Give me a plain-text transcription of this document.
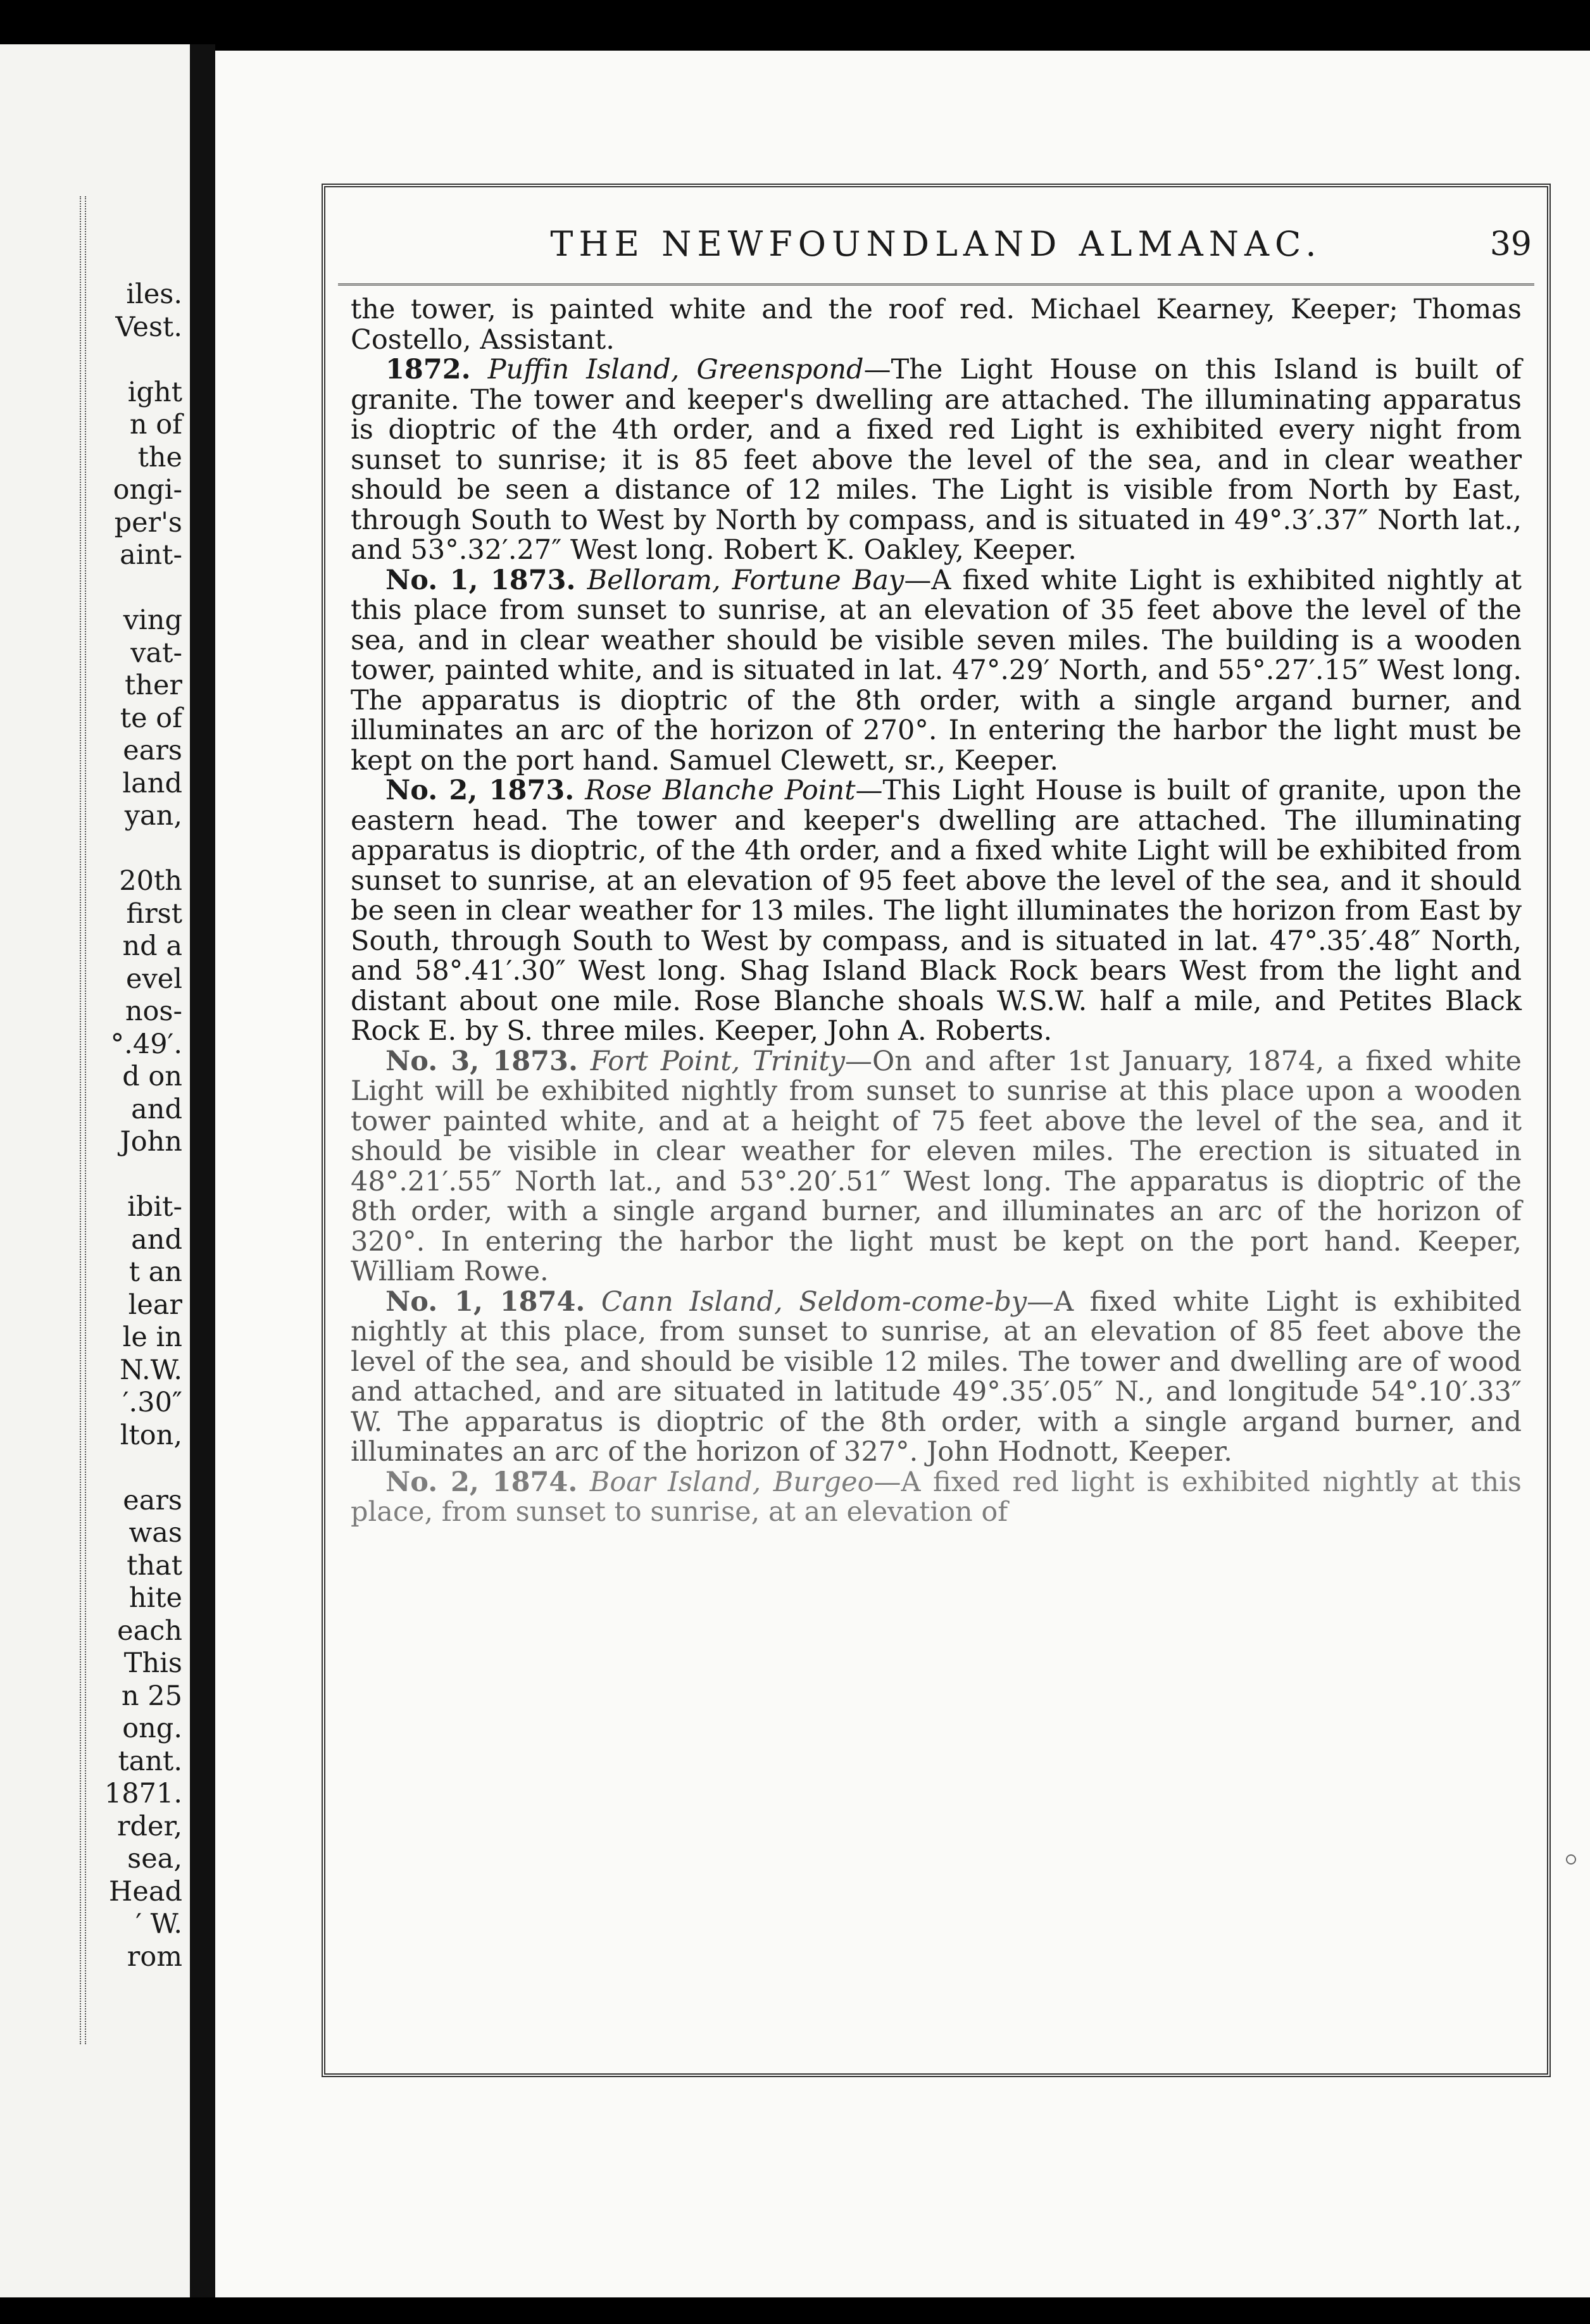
iles.
Vest.

ight
n of
the
ongi-
per's
aint-

ving
vat-
ther
te of
ears
land
yan,

20th
first
nd a
evel
nos-
°.49′.
d on
and
John

ibit-
and
t an
lear
le in
N.W.
′.30″
lton,

ears
was
that
hite
each
This
n 25
ong.
tant.
1871.
rder,
sea,
Head
′ W.
rom
THE NEWFOUNDLAND ALMANAC.	39

the tower, is painted white and the roof red. Michael Kearney, Keeper; Thomas Costello, Assistant.

1872. Puffin Island, Greenspond—The Light House on this Island is built of granite. The tower and keeper's dwelling are attached. The illuminating apparatus is dioptric of the 4th order, and a fixed red Light is exhibited every night from sunset to sunrise; it is 85 feet above the level of the sea, and in clear weather should be seen a distance of 12 miles. The Light is visible from North by East, through South to West by North by compass, and is situated in 49°.3′.37″ North lat., and 53°.32′.27″ West long. Robert K. Oakley, Keeper.

No. 1, 1873. Belloram, Fortune Bay—A fixed white Light is exhibited nightly at this place from sunset to sunrise, at an elevation of 35 feet above the level of the sea, and in clear weather should be visible seven miles. The building is a wooden tower, painted white, and is situated in lat. 47°.29′ North, and 55°.27′.15″ West long. The apparatus is dioptric of the 8th order, with a single argand burner, and illuminates an arc of the horizon of 270°. In entering the harbor the light must be kept on the port hand. Samuel Clewett, sr., Keeper.

No. 2, 1873. Rose Blanche Point—This Light House is built of granite, upon the eastern head. The tower and keeper's dwelling are attached. The illuminating apparatus is dioptric, of the 4th order, and a fixed white Light will be exhibited from sunset to sunrise, at an elevation of 95 feet above the level of the sea, and it should be seen in clear weather for 13 miles. The light illuminates the horizon from East by South, through South to West by compass, and is situated in lat. 47°.35′.48″ North, and 58°.41′.30″ West long. Shag Island Black Rock bears West from the light and distant about one mile. Rose Blanche shoals W.S.W. half a mile, and Petites Black Rock E. by S. three miles. Keeper, John A. Roberts.

No. 3, 1873. Fort Point, Trinity—On and after 1st January, 1874, a fixed white Light will be exhibited nightly from sunset to sunrise at this place upon a wooden tower painted white, and at a height of 75 feet above the level of the sea, and it should be visible in clear weather for eleven miles. The erection is situated in 48°.21′.55″ North lat., and 53°.20′.51″ West long. The apparatus is dioptric of the 8th order, with a single argand burner, and illuminates an arc of the horizon of 320°. In entering the harbor the light must be kept on the port hand. Keeper, William Rowe.

No. 1, 1874. Cann Island, Seldom-come-by—A fixed white Light is exhibited nightly at this place, from sunset to sunrise, at an elevation of 85 feet above the level of the sea, and should be visible 12 miles. The tower and dwelling are of wood and attached, and are situated in latitude 49°.35′.05″ N., and longitude 54°.10′.33″ W. The apparatus is dioptric of the 8th order, with a single argand burner, and illuminates an arc of the horizon of 327°. John Hodnott, Keeper.

No. 2, 1874. Boar Island, Burgeo—A fixed red light is exhibited nightly at this place, from sunset to sunrise, at an elevation of
